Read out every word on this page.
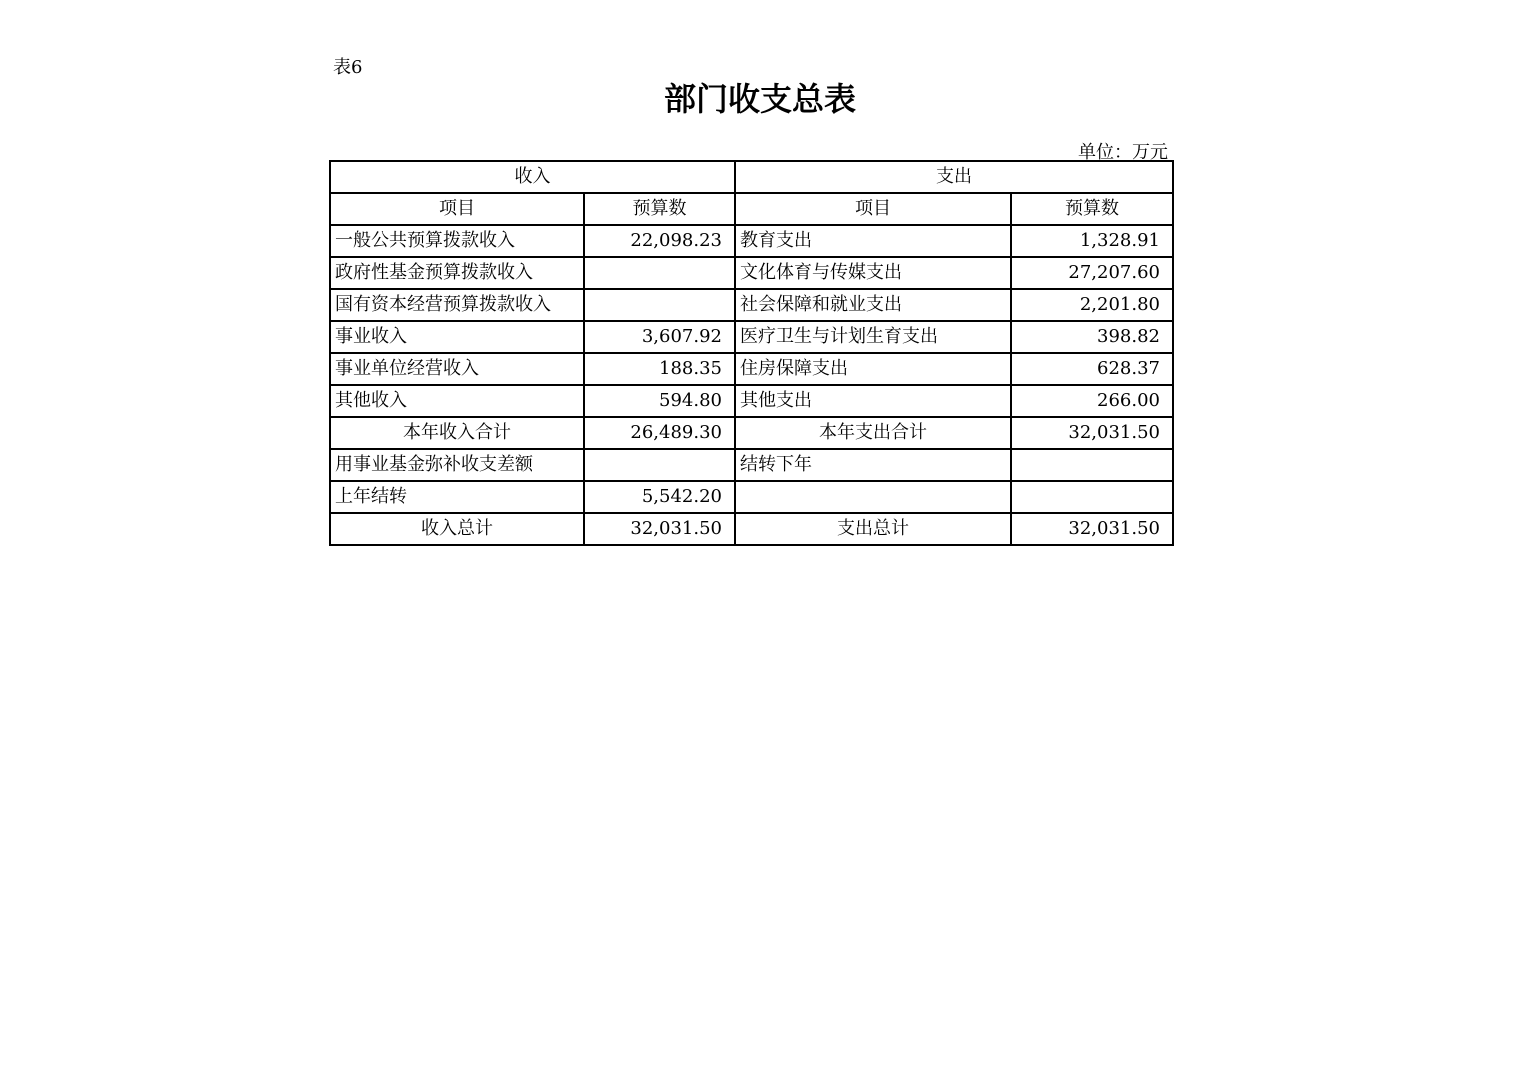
表6
部门收支总表
单位：万元
收入		支出	
项目	预算数	项目	预算数
一般公共预算拨款收入	22,098.23	教育支出	1,328.91
政府性基金预算拨款收入		文化体育与传媒支出	27,207.60
国有资本经营预算拨款收入		社会保障和就业支出	2,201.80
事业收入	3,607.92	医疗卫生与计划生育支出	398.82
事业单位经营收入	188.35	住房保障支出	628.37
其他收入	594.80	其他支出	266.00
本年收入合计	26,489.30	本年支出合计	32,031.50
用事业基金弥补收支差额		结转下年	
上年结转	5,542.20		
收入总计	32,031.50	支出总计	32,031.50
